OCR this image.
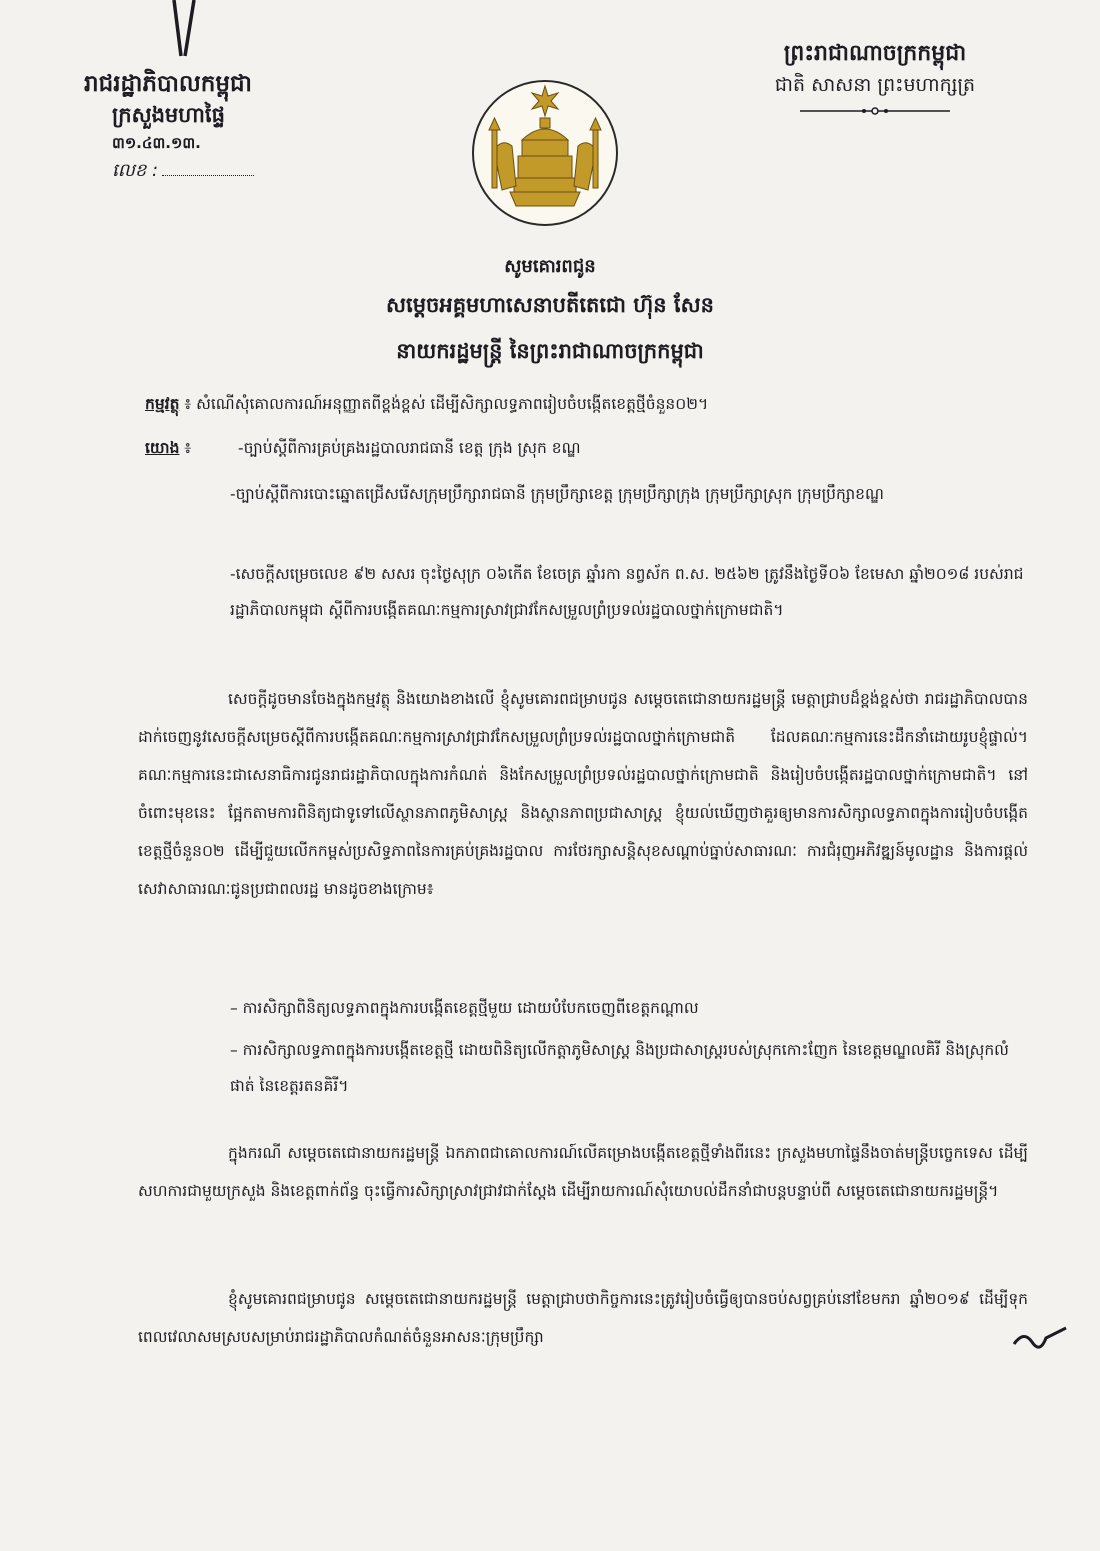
រាជរដ្ឋាភិបាលកម្ពុជា
ក្រសួងមហាផ្ទៃ
៣១.៤៣.១៣.
លេខ :
ព្រះរាជាណាចក្រកម្ពុជា
ជាតិ សាសនា ព្រះមហាក្សត្រ
សូមគោរពជូន
សម្តេចអគ្គមហាសេនាបតីតេជោ ហ៊ុន សែន
នាយករដ្ឋមន្ត្រី នៃព្រះរាជាណាចក្រកម្ពុជា
កម្មវត្ថុ ៖ សំណើសុំគោលការណ៍អនុញ្ញាតពីខ្ពង់ខ្ពស់ ដើម្បីសិក្សាលទ្ធភាពរៀបចំបង្កើតខេត្តថ្មីចំនួន០២។
យោង ៖	-ច្បាប់ស្តីពីការគ្រប់គ្រងរដ្ឋបាលរាជធានី ខេត្ត ក្រុង ស្រុក ខណ្ឌ
-ច្បាប់ស្តីពីការបោះឆ្នោតជ្រើសរើសក្រុមប្រឹក្សារាជធានី ក្រុមប្រឹក្សាខេត្ត ក្រុមប្រឹក្សាក្រុង ក្រុមប្រឹក្សាស្រុក ក្រុមប្រឹក្សាខណ្ឌ
-សេចក្តីសម្រេចលេខ ៩២ សសរ ចុះថ្ងៃសុក្រ ០៦កើត ខែចេត្រ ឆ្នាំរកា នព្វស័ក ព.ស. ២៥៦២ ត្រូវនឹងថ្ងៃទី០៦ ខែមេសា ឆ្នាំ២០១៨ របស់រាជរដ្ឋាភិបាលកម្ពុជា ស្តីពីការបង្កើតគណៈកម្មការស្រាវជ្រាវកែសម្រួលព្រំប្រទល់រដ្ឋបាលថ្នាក់ក្រោមជាតិ។

សេចក្តីដូចមានចែងក្នុងកម្មវត្ថុ និងយោងខាងលើ ខ្ញុំសូមគោរពជម្រាបជូន សម្តេចតេជោនាយករដ្ឋមន្ត្រី មេត្តាជ្រាបដ៏ខ្ពង់ខ្ពស់ថា រាជរដ្ឋាភិបាលបានដាក់ចេញនូវសេចក្តីសម្រេចស្តីពីការបង្កើតគណៈកម្មការស្រាវជ្រាវកែសម្រួលព្រំប្រទល់រដ្ឋបាលថ្នាក់ក្រោមជាតិ ដែលគណៈកម្មការនេះដឹកនាំដោយរូបខ្ញុំផ្ទាល់។ គណៈកម្មការនេះជាសេនាធិការជូនរាជរដ្ឋាភិបាលក្នុងការកំណត់ និងកែសម្រួលព្រំប្រទល់រដ្ឋបាលថ្នាក់ក្រោមជាតិ និងរៀបចំបង្កើតរដ្ឋបាលថ្នាក់ក្រោមជាតិ។ នៅចំពោះមុខនេះ ផ្អែកតាមការពិនិត្យជាទូទៅលើស្ថានភាពភូមិសាស្ត្រ និងស្ថានភាពប្រជាសាស្ត្រ ខ្ញុំយល់ឃើញថាគួរឲ្យមានការសិក្សាលទ្ធភាពក្នុងការរៀបចំបង្កើតខេត្តថ្មីចំនួន០២ ដើម្បីជួយលើកកម្ពស់ប្រសិទ្ធភាពនៃការគ្រប់គ្រងរដ្ឋបាល ការថែរក្សាសន្តិសុខសណ្តាប់ធ្នាប់សាធារណៈ ការជំរុញអភិវឌ្ឍន៍មូលដ្ឋាន និងការផ្តល់សេវាសាធារណៈជូនប្រជាពលរដ្ឋ មានដូចខាងក្រោម៖

– ការសិក្សាពិនិត្យលទ្ធភាពក្នុងការបង្កើតខេត្តថ្មីមួយ ដោយបំបែកចេញពីខេត្តកណ្តាល
– ការសិក្សាលទ្ធភាពក្នុងការបង្កើតខេត្តថ្មី ដោយពិនិត្យលើកត្តាភូមិសាស្ត្រ និងប្រជាសាស្ត្ររបស់ស្រុកកោះញែក នៃខេត្តមណ្ឌលគិរី និងស្រុកលំផាត់ នៃខេត្តរតនគិរី។

ក្នុងករណី សម្តេចតេជោនាយករដ្ឋមន្ត្រី ឯកភាពជាគោលការណ៍លើគម្រោងបង្កើតខេត្តថ្មីទាំងពីរនេះ ក្រសួងមហាផ្ទៃនឹងចាត់មន្ត្រីបច្ចេកទេស ដើម្បីសហការជាមួយក្រសួង និងខេត្តពាក់ព័ន្ធ ចុះធ្វើការសិក្សាស្រាវជ្រាវជាក់ស្តែង ដើម្បីរាយការណ៍សុំយោបល់ដឹកនាំជាបន្តបន្ទាប់ពី សម្តេចតេជោនាយករដ្ឋមន្ត្រី។

ខ្ញុំសូមគោរពជម្រាបជូន សម្តេចតេជោនាយករដ្ឋមន្ត្រី មេត្តាជ្រាបថាកិច្ចការនេះត្រូវរៀបចំធ្វើឲ្យបានចប់សព្វគ្រប់នៅខែមករា ឆ្នាំ២០១៩ ដើម្បីទុកពេលវេលាសមស្របសម្រាប់រាជរដ្ឋាភិបាលកំណត់ចំនួនអាសនៈក្រុមប្រឹក្សា
